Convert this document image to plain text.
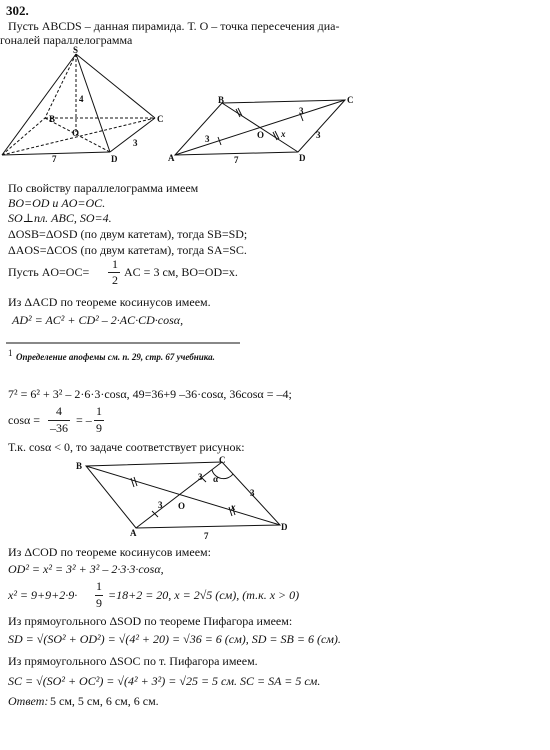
302.
Пусть ABCDS – данная пирамида. Т. O – точка пересечения диа-
гоналей параллелограмма
S
B	C
D
O
4
3
7
B	C
A	D
O x
3
3
3
7
По свойству параллелограмма имеем
BO=OD и AO=OC.
SO⊥пл. ABC, SO=4.
ΔOSB=ΔOSD (по двум катетам), тогда SB=SD;
ΔAOS=ΔCOS (по двум катетам), тогда SA=SC.
Пусть AO=OC=
1
2
AC = 3 см, BO=OD=x.
Из ΔACD по теореме косинусов имеем.
AD² = AC² + CD² – 2·AC·CD·cosα,
1 Определение апофемы см. п. 29, стр. 67 учебника.
7² = 6² + 3² – 2·6·3·cosα, 49=36+9 –36·cosα, 36cosα = –4;
cosα =
4
–36
= –
1
9
Т.к. cosα < 0, то задаче соответствует рисунок:
B
C
A
D
O	x
α
3
3
7
3
Из ΔCOD по теореме косинусов имеем:
OD² = x² = 3² + 3² – 2·3·3·cosα,
x² = 9+9+2·9·
1
9
=18+2 = 20, x = 2√5 (см), (т.к. x > 0)
Из прямоугольного ΔSOD по теореме Пифагора имеем:
SD = √(SO² + OD²) = √(4² + 20) = √36 = 6 (см), SD = SB = 6 (см).
Из прямоугольного ΔSOC по т. Пифагора имеем.
SC = √(SO² + OC²) = √(4² + 3²) = √25 = 5 см. SC = SA = 5 см.
Ответ: 5 см, 5 см, 6 см, 6 см.
